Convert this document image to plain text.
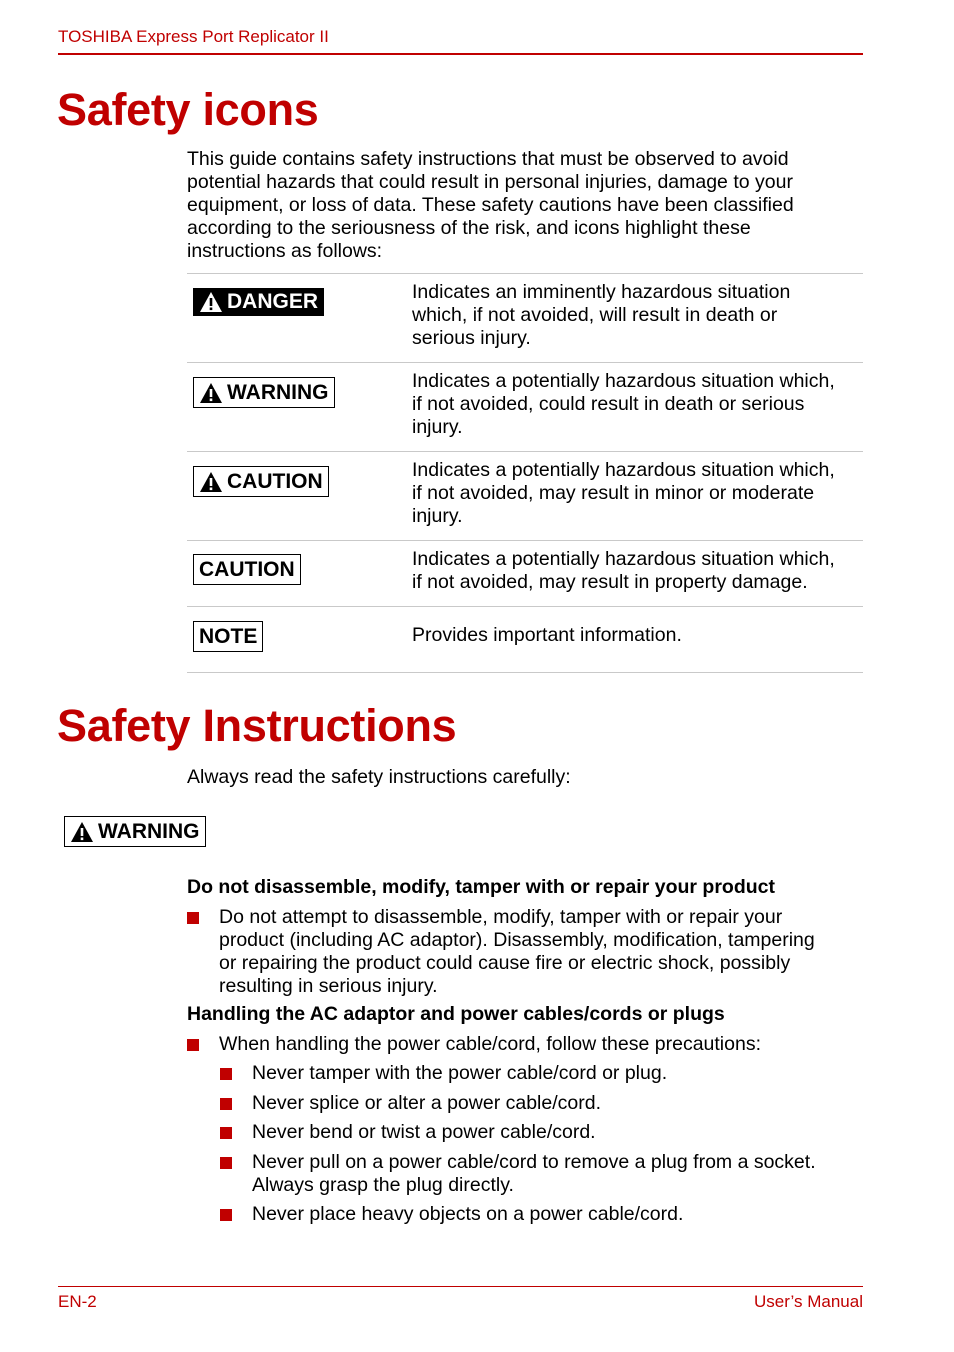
TOSHIBA Express Port Replicator II
Safety icons
This guide contains safety instructions that must be observed to avoid
potential hazards that could result in personal injuries, damage to your
equipment, or loss of data. These safety cautions have been classified
according to the seriousness of the risk, and icons highlight these
instructions as follows:
DANGER	Indicates an imminently hazardous situation
which, if not avoided, will result in death or
serious injury.
WARNING	Indicates a potentially hazardous situation which,
if not avoided, could result in death or serious
injury.
CAUTION	Indicates a potentially hazardous situation which,
if not avoided, may result in minor or moderate
injury.
CAUTION	Indicates a potentially hazardous situation which,
if not avoided, may result in property damage.
NOTE	Provides important information.
Safety Instructions
Always read the safety instructions carefully:
WARNING
Do not disassemble, modify, tamper with or repair your product
Do not attempt to disassemble, modify, tamper with or repair your
product (including AC adaptor). Disassembly, modification, tampering
or repairing the product could cause fire or electric shock, possibly
resulting in serious injury.
Handling the AC adaptor and power cables/cords or plugs
When handling the power cable/cord, follow these precautions:
Never tamper with the power cable/cord or plug.
Never splice or alter a power cable/cord.
Never bend or twist a power cable/cord.
Never pull on a power cable/cord to remove a plug from a socket.
Always grasp the plug directly.
Never place heavy objects on a power cable/cord.
EN-2	User’s Manual
